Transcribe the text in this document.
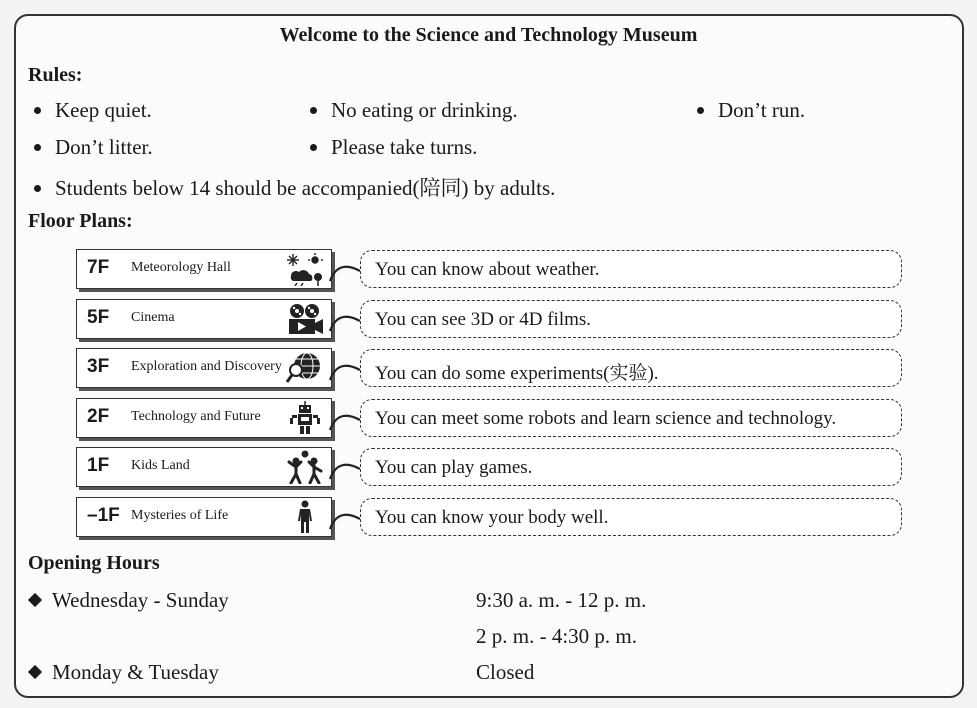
Welcome to the Science and Technology Museum
Rules:
Keep quiet.	No eating or drinking.	Don’t run.
Don’t litter.	Please take turns.
Students below 14 should be accompanied(陪同) by adults.
Floor Plans:
7F Meteorology Hall	You can know about weather.
5F Cinema	You can see 3D or 4D films.
3F Exploration and Discovery	You can do some experiments(实验).
2F Technology and Future	You can meet some robots and learn science and technology.
1F Kids Land	You can play games.
–1F Mysteries of Life	You can know your body well.
Opening Hours
Wednesday - Sunday	9:30 a. m. - 12 p. m.
2 p. m. - 4:30 p. m.
Monday & Tuesday	Closed
